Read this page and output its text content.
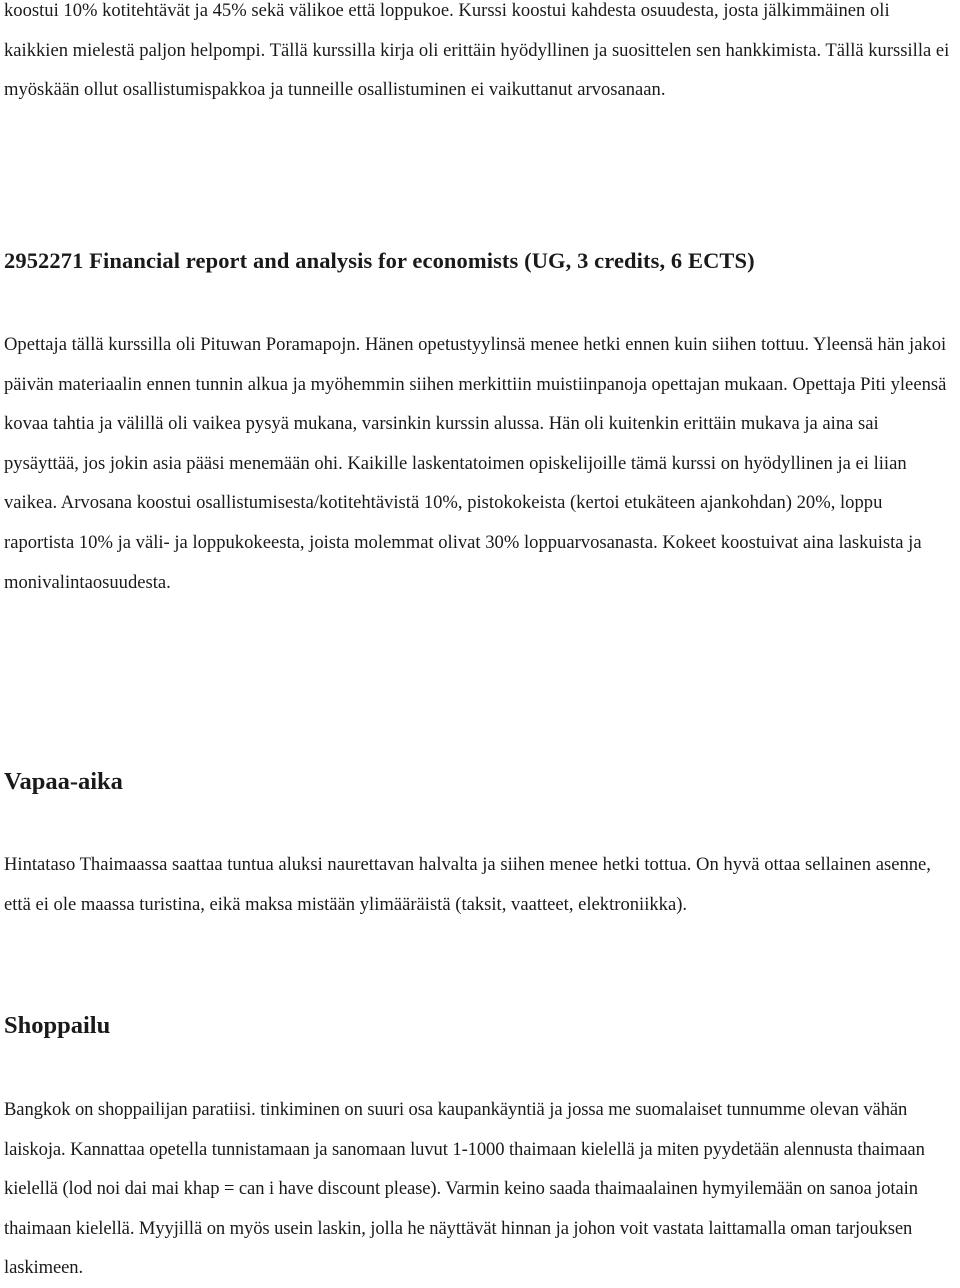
koostui 10% kotitehtävät ja 45% sekä välikoe että loppukoe. Kurssi koostui kahdesta osuudesta, josta jälkimmäinen oli kaikkien mielestä paljon helpompi. Tällä kurssilla kirja oli erittäin hyödyllinen ja suosittelen sen hankkimista. Tällä kurssilla ei myöskään ollut osallistumispakkoa ja tunneille osallistuminen ei vaikuttanut arvosanaan.

2952271 Financial report and analysis for economists (UG, 3 credits, 6 ECTS)

Opettaja tällä kurssilla oli Pituwan Poramapojn. Hänen opetustyylinsä menee hetki ennen kuin siihen tottuu. Yleensä hän jakoi päivän materiaalin ennen tunnin alkua ja myöhemmin siihen merkittiin muistiinpanoja opettajan mukaan. Opettaja Piti yleensä kovaa tahtia ja välillä oli vaikea pysyä mukana, varsinkin kurssin alussa. Hän oli kuitenkin erittäin mukava ja aina sai pysäyttää, jos jokin asia pääsi menemään ohi. Kaikille laskentatoimen opiskelijoille tämä kurssi on hyödyllinen ja ei liian vaikea. Arvosana koostui osallistumisesta/kotitehtävistä 10%, pistokokeista (kertoi etukäteen ajankohdan) 20%, loppu raportista 10% ja väli- ja loppukokeesta, joista molemmat olivat 30% loppuarvosanasta. Kokeet koostuivat aina laskuista ja monivalintaosuudesta.

Vapaa-aika

Hintataso Thaimaassa saattaa tuntua aluksi naurettavan halvalta ja siihen menee hetki tottua. On hyvä ottaa sellainen asenne, että ei ole maassa turistina, eikä maksa mistään ylimääräistä (taksit, vaatteet, elektroniikka).

Shoppailu

Bangkok on shoppailijan paratiisi. tinkiminen on suuri osa kaupankäyntiä ja jossa me suomalaiset tunnumme olevan vähän laiskoja. Kannattaa opetella tunnistamaan ja sanomaan luvut 1-1000 thaimaan kielellä ja miten pyydetään alennusta thaimaan kielellä (lod noi dai mai khap = can i have discount please). Varmin keino saada thaimaalainen hymyilemään on sanoa jotain thaimaan kielellä. Myyjillä on myös usein laskin, jolla he näyttävät hinnan ja johon voit vastata laittamalla oman tarjouksen laskimeen.
